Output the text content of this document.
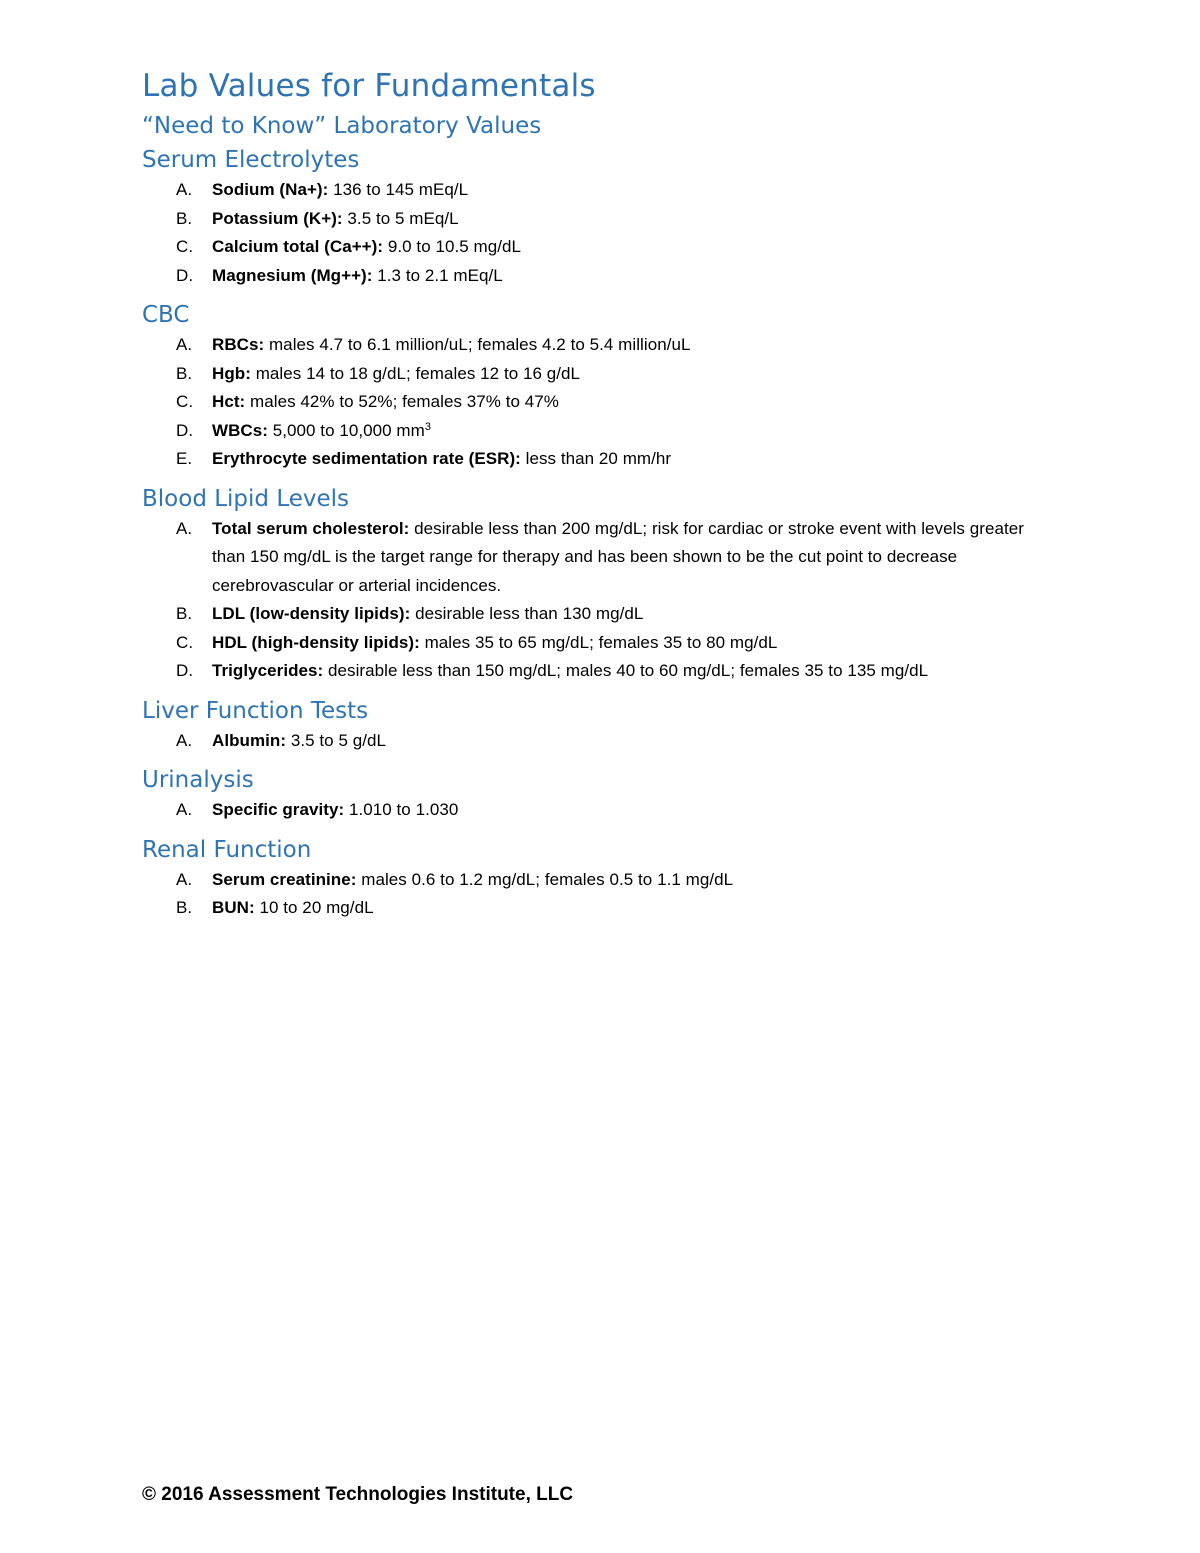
Lab Values for Fundamentals
“Need to Know” Laboratory Values
Serum Electrolytes
A. Sodium (Na+): 136 to 145 mEq/L
B. Potassium (K+): 3.5 to 5 mEq/L
C. Calcium total (Ca++): 9.0 to 10.5 mg/dL
D. Magnesium (Mg++): 1.3 to 2.1 mEq/L
CBC
A. RBCs: males 4.7 to 6.1 million/uL; females 4.2 to 5.4 million/uL
B. Hgb: males 14 to 18 g/dL; females 12 to 16 g/dL
C. Hct: males 42% to 52%; females 37% to 47%
D. WBCs: 5,000 to 10,000 $mm^3$
E. Erythrocyte sedimentation rate (ESR): less than 20 mm/hr
Blood Lipid Levels
A. Total serum cholesterol: desirable less than 200 mg/dL; risk for cardiac or stroke event with levels greater than 150 mg/dL is the target range for therapy and has been shown to be the cut point to decrease cerebrovascular or arterial incidences.
B. LDL (low-density lipids): desirable less than 130 mg/dL
C. HDL (high-density lipids): males 35 to 65 mg/dL; females 35 to 80 mg/dL
D. Triglycerides: desirable less than 150 mg/dL; males 40 to 60 mg/dL; females 35 to 135 mg/dL
Liver Function Tests
A. Albumin: 3.5 to 5 g/dL
Urinalysis
A. Specific gravity: 1.010 to 1.030
Renal Function
A. Serum creatinine: males 0.6 to 1.2 mg/dL; females 0.5 to 1.1 mg/dL
B. BUN: 10 to 20 mg/dL
© 2016 Assessment Technologies Institute, LLC
